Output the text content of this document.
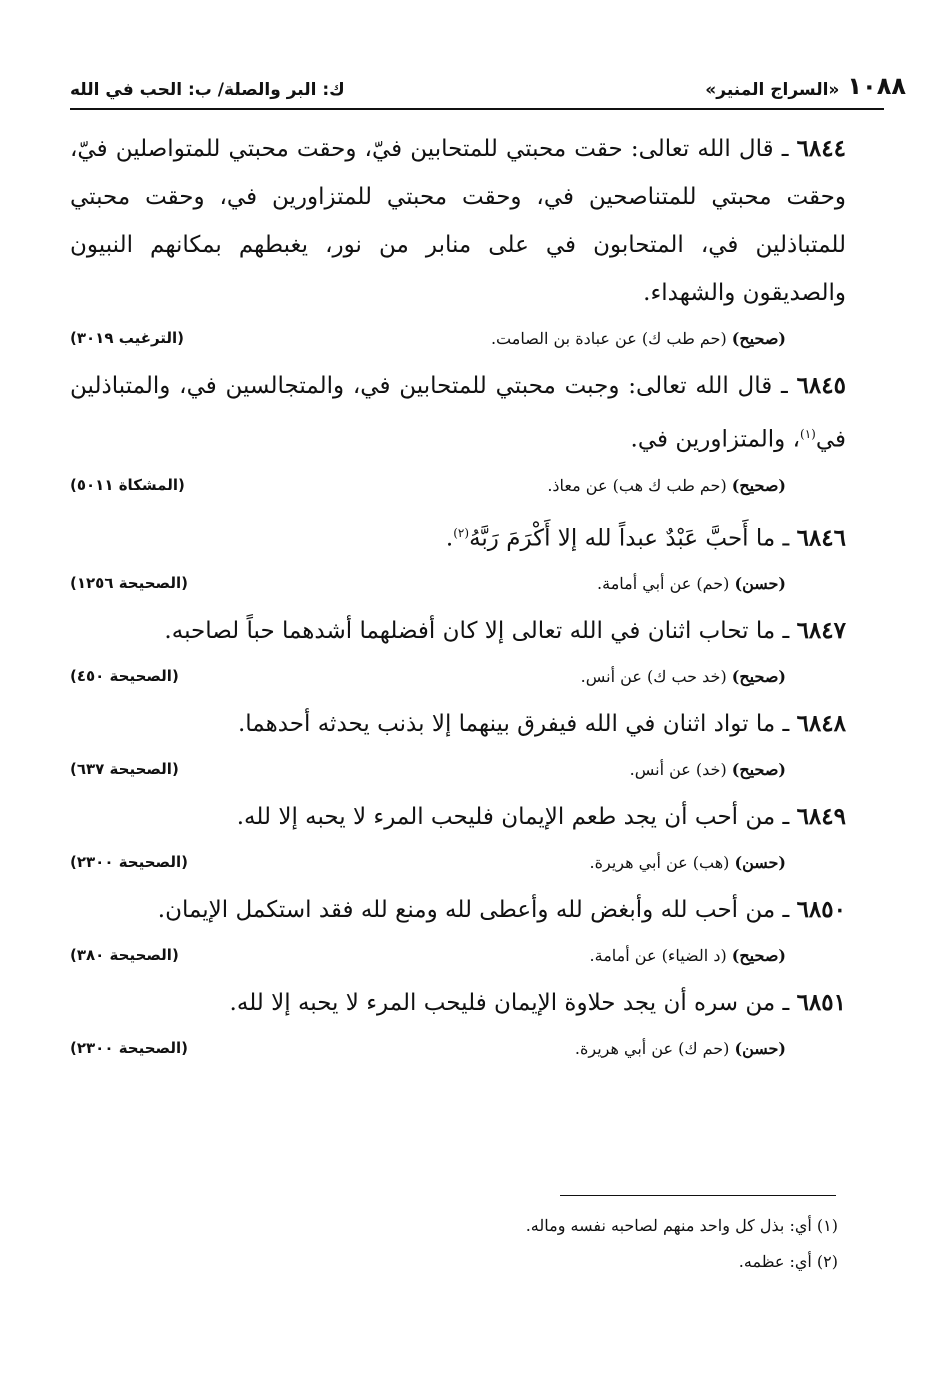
١٠٨٨
«السراج المنير»
ك: البر والصلة/ ب: الحب في الله

٦٨٤٤ ـ قال الله تعالى: حقت محبتي للمتحابين فيّ، وحقت محبتي للمتواصلين فيّ، وحقت محبتي للمتناصحين في، وحقت محبتي للمتزاورين في، وحقت محبتي للمتباذلين في، المتحابون في على منابر من نور، يغبطهم بمكانهم النبيون والصديقون والشهداء.

(صحيح) (حم طب ك) عن عبادة بن الصامت.
(الترغيب ٣٠١٩)

٦٨٤٥ ـ قال الله تعالى: وجبت محبتي للمتحابين في، والمتجالسين في، والمتباذلين في$^{(١)}$، والمتزاورين في.

(صحيح) (حم طب ك هب) عن معاذ.
(المشكاة ٥٠١١)

٦٨٤٦ ـ ما أَحبَّ عَبْدٌ عبداً لله إلا أَكْرَمَ رَبَّهُ$^{(٢)}$.

(حسن) (حم) عن أبي أمامة.
(الصحيحة ١٢٥٦)

٦٨٤٧ ـ ما تحاب اثنان في الله تعالى إلا كان أفضلهما أشدهما حباً لصاحبه.

(صحيح) (خد حب ك) عن أنس.
(الصحيحة ٤٥٠)

٦٨٤٨ ـ ما تواد اثنان في الله فيفرق بينهما إلا بذنب يحدثه أحدهما.

(صحيح) (خد) عن أنس.
(الصحيحة ٦٣٧)

٦٨٤٩ ـ من أحب أن يجد طعم الإيمان فليحب المرء لا يحبه إلا لله.

(حسن) (هب) عن أبي هريرة.
(الصحيحة ٢٣٠٠)

٦٨٥٠ ـ من أحب لله وأبغض لله وأعطى لله ومنع لله فقد استكمل الإيمان.

(صحيح) (د الضياء) عن أمامة.
(الصحيحة ٣٨٠)

٦٨٥١ ـ من سره أن يجد حلاوة الإيمان فليحب المرء لا يحبه إلا لله.

(حسن) (حم ك) عن أبي هريرة.
(الصحيحة ٢٣٠٠)
(١) أي: بذل كل واحد منهم لصاحبه نفسه وماله.
(٢) أي: عظمه.
